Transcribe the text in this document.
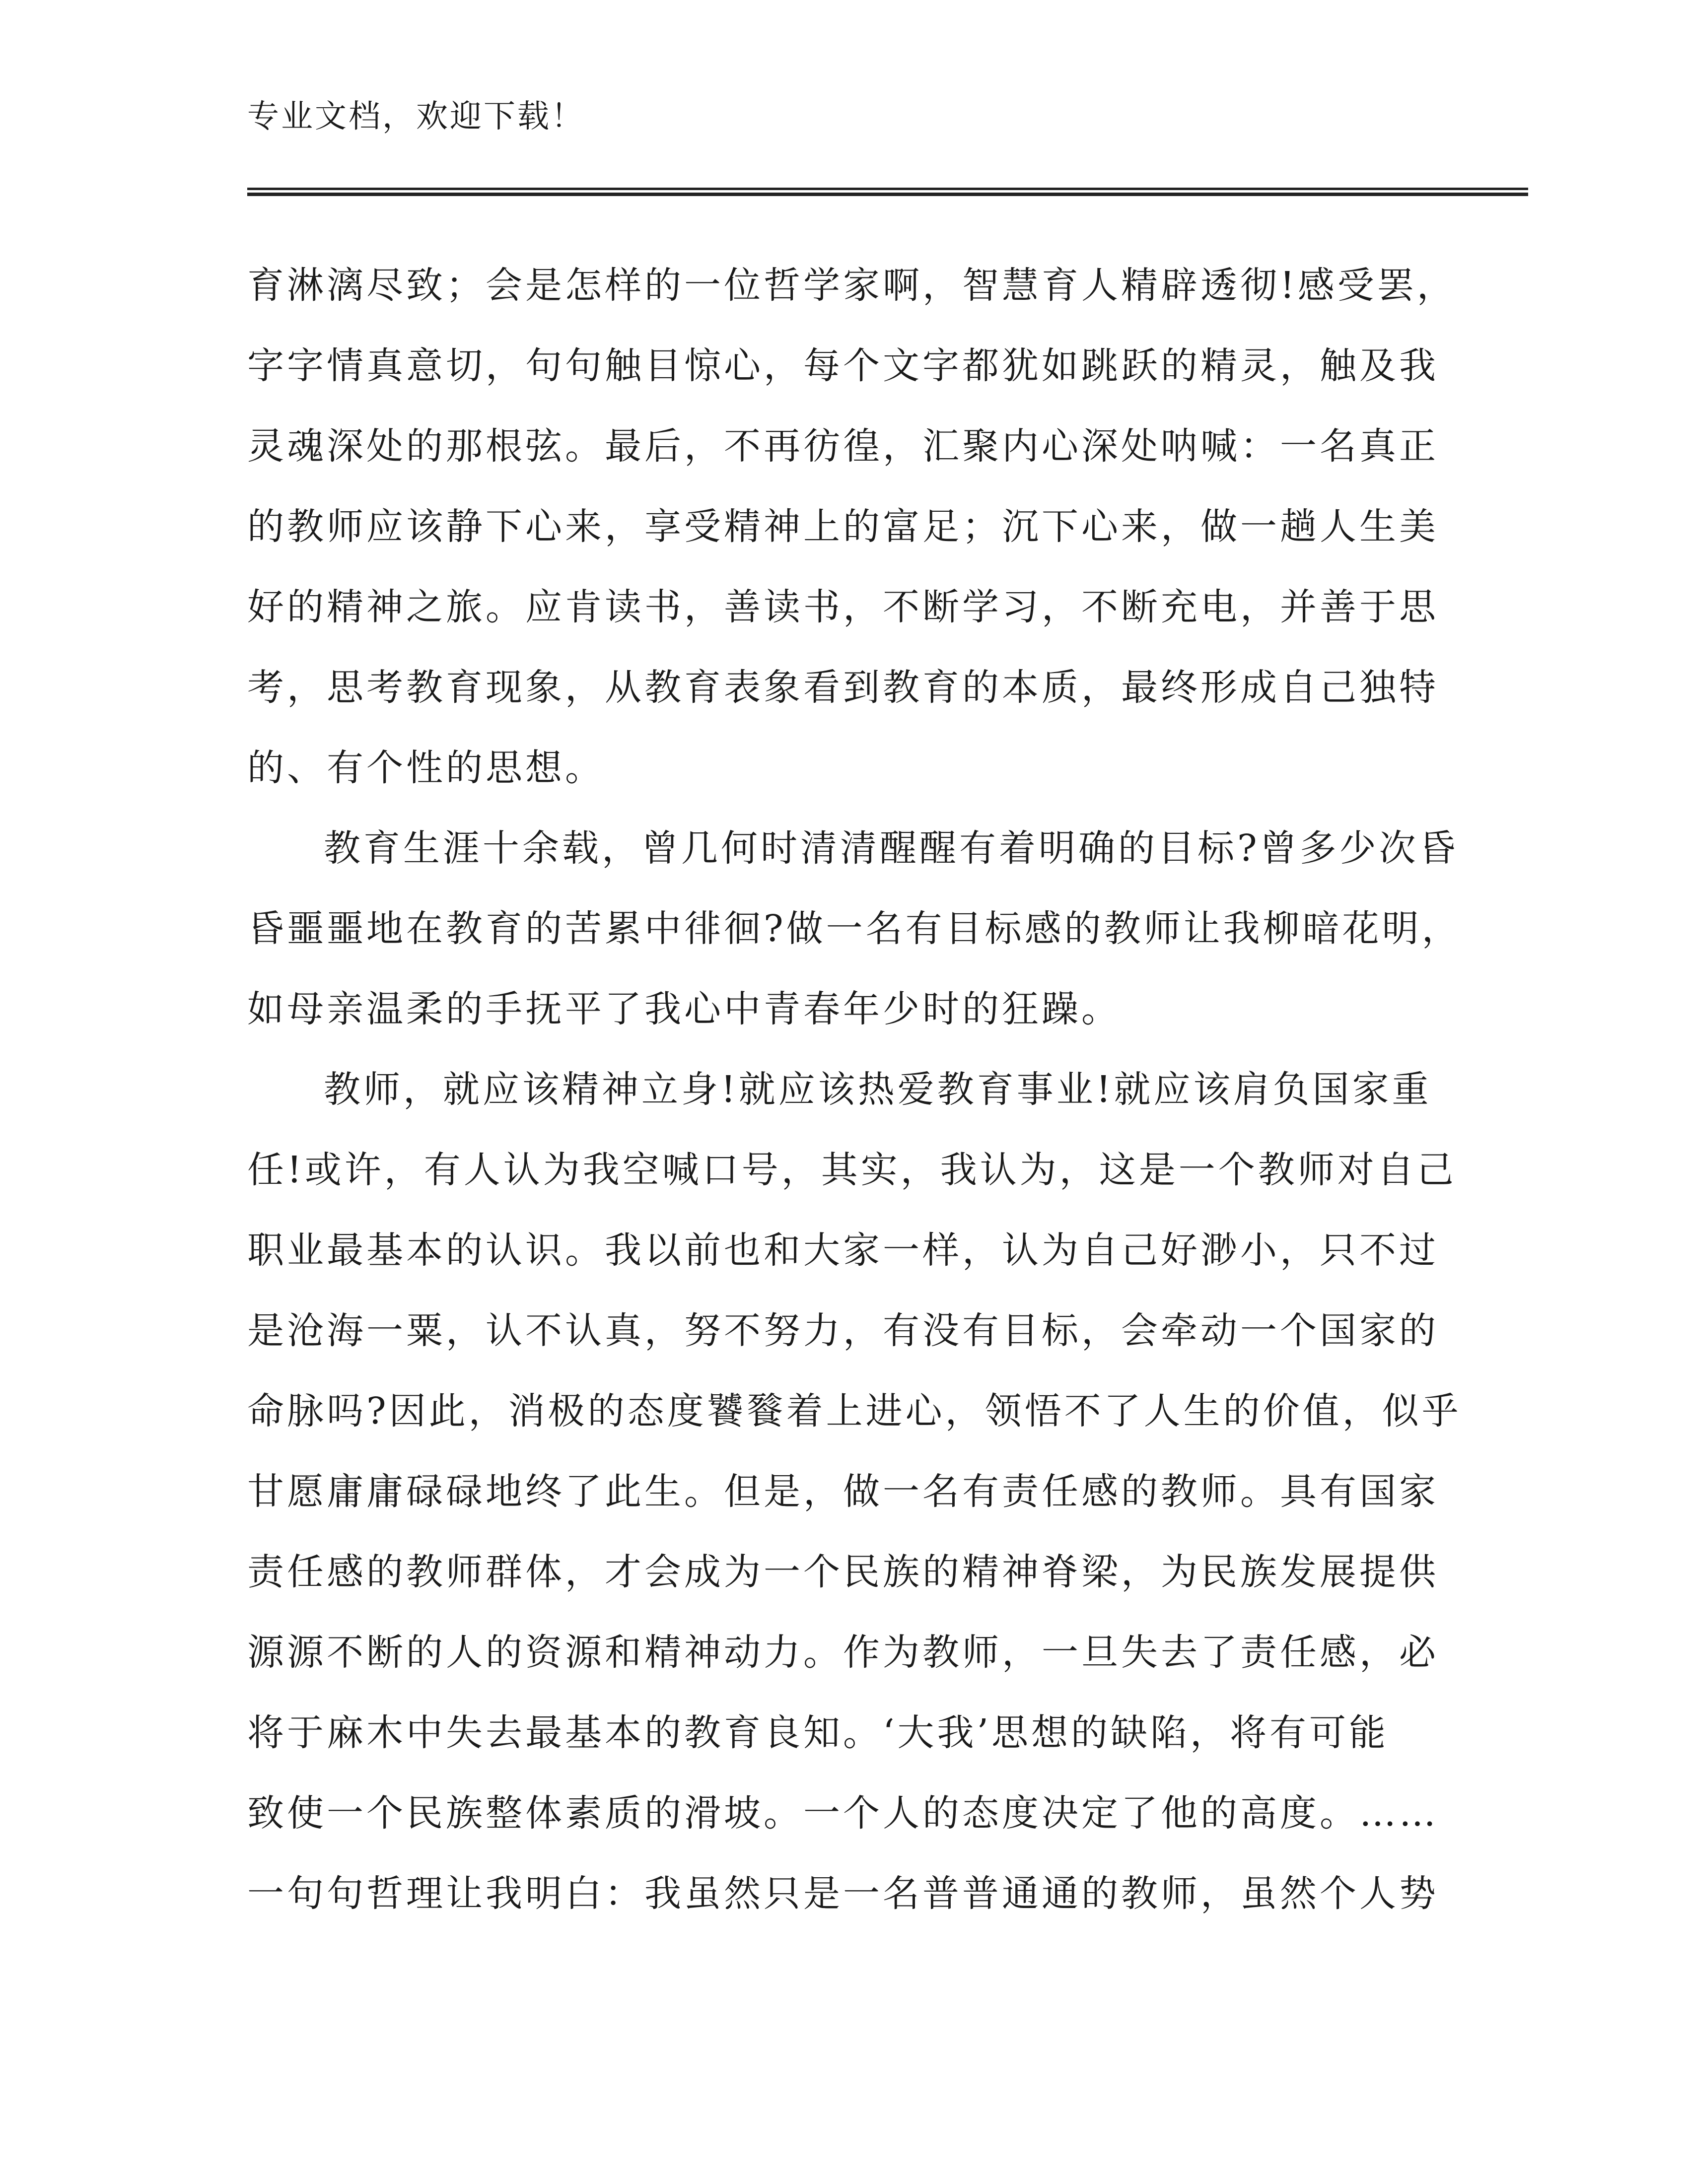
专业文档，欢迎下载！
育淋漓尽致；会是怎样的一位哲学家啊，智慧育人精辟透彻!感受罢，
字字情真意切，句句触目惊心，每个文字都犹如跳跃的精灵，触及我
灵魂深处的那根弦。最后，不再彷徨，汇聚内心深处呐喊：一名真正
的教师应该静下心来，享受精神上的富足；沉下心来，做一趟人生美
好的精神之旅。应肯读书，善读书，不断学习，不断充电，并善于思
考，思考教育现象，从教育表象看到教育的本质，最终形成自己独特
的、有个性的思想。
教育生涯十余载，曾几何时清清醒醒有着明确的目标?曾多少次昏
昏噩噩地在教育的苦累中徘徊?做一名有目标感的教师让我柳暗花明，
如母亲温柔的手抚平了我心中青春年少时的狂躁。
教师，就应该精神立身!就应该热爱教育事业!就应该肩负国家重
任!或许，有人认为我空喊口号，其实，我认为，这是一个教师对自己
职业最基本的认识。我以前也和大家一样，认为自己好渺小，只不过
是沧海一粟，认不认真，努不努力，有没有目标，会牵动一个国家的
命脉吗?因此，消极的态度饕餮着上进心，领悟不了人生的价值，似乎
甘愿庸庸碌碌地终了此生。但是，做一名有责任感的教师。具有国家
责任感的教师群体，才会成为一个民族的精神脊梁，为民族发展提供
源源不断的人的资源和精神动力。作为教师，一旦失去了责任感，必
将于麻木中失去最基本的教育良知。‘大我’思想的缺陷，将有可能
致使一个民族整体素质的滑坡。一个人的态度决定了他的高度。……
一句句哲理让我明白：我虽然只是一名普普通通的教师，虽然个人势
